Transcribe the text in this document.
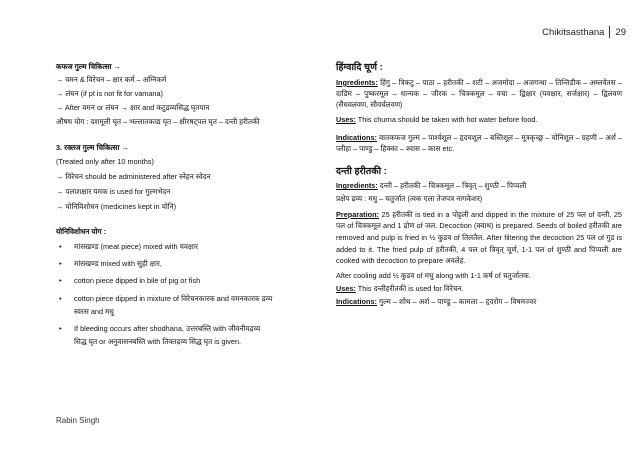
Chikitsasthana 29

कफज गुल्म चिकित्सा →

→ वमन & विरेचन – क्षार कर्म – अग्निकर्म

→ लंघन (if pt is not fit for vamana)

→ After वमन or लंघन → क्षार and कटुद्रव्यसिद्ध घृतपान

औषध योग : दशमूली घृत – भल्लातकाद्य घृत – क्षीरषट्पल घृत – दन्ती हरीतकी

3. रक्तज गुल्म चिकित्सा →

(Treated only after 10 months)

→ विरेचन should be administered after स्नेहन स्वेदन

→ पलाशक्षार यमक is used for गुल्मभेदन

→ योनिविशोधन (medicines kept in योनि)

योनिविशोधन योग :

• मांसखण्ड (meat piece) mixed with यवक्षार
• मांसखण्ड mixed with सुही क्षार,
• cotton piece dipped in bile of pig or fish
• cotton piece dipped in mixture of विरेचनकारक and वमनकारक द्रव्य
स्वरस and मधु
• If bleeding occurs after shodhana, उत्तरबस्ति with जीवनीयद्रव्य
सिद्ध घृत or अनुवासनबस्ति with तिक्तद्रव्य सिद्ध घृत is given.

हिंग्वादि चूर्ण :

Ingredients: हिंगु – त्रिकटु – पाठा – हरीतकी – शटी – अजमोदा – अजगन्धा – तिन्तिडीक – अम्लवेतस – दाडिम – पुष्करमूल – धान्यक – जीरक – चित्रकमूल – वचा – द्विक्षार (यवक्षार, सर्जक्षार) – द्विलवण (सैंधवलवण, सौवर्चलवण)

Uses: This churna should be taken with hot water before food.

Indications: वातकफज गुल्म – पार्श्वशूल – हृदयशूल – बस्तिशूल – मूत्रकृच्छ्र – योनिशूल – ग्रहणी – अर्श – प्लीहा – पाण्डु – हिक्का – श्वास – कास etc.

दन्ती हरीतकी :

Ingredients: दन्ती – हरीतकी – चित्रकमूल – त्रिवृत् – शुण्ठी – पिप्पली

प्रक्षेप द्रव्य : मधु – चतुर्जात (त्वक एला तेजपत्र नागकेशर)

Preparation: 25 हरीतकी is tied in a पोट्टली and dipped in the mixture of 25 पल of दन्ती, 25 पल of चित्रकमूल and 1 द्रोण of जल. Decoction (क्वाथ) is prepared. Seeds of boiled हरीतकी are removed and pulp is fried in ½ कुडव of तिलतैल. After filtering the decoction 25 पल of गुड is added to it. The fried pulp of हरीतकी, 4 पल of त्रिवृत् चूर्ण, 1-1 पल of शुण्ठी and पिप्पली are cooked with decoction to prepare अवलेह.

After cooling add ½ कुडव of मधु along with 1-1 कर्ष of चतुर्जातक.

Uses: This दन्तीहरीतकी is used for विरेचन.

Indications: गुल्म – शोथ – अर्श – पाण्डु – कामला – हृदरोग – विषमज्वर

Rabin Singh
